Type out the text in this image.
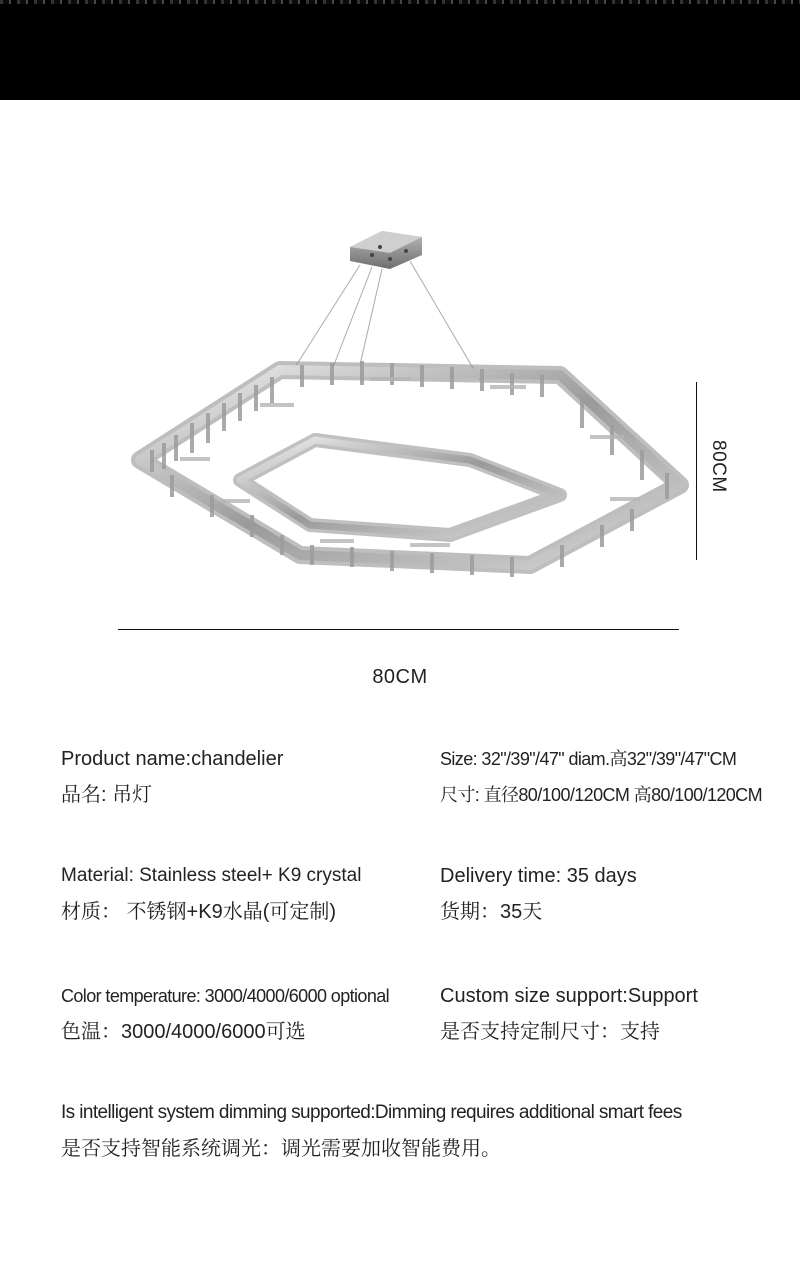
80CM
80CM
Product name:chandelier
品名: 吊灯
Size: 32"/39"/47" diam.高32"/39"/47"CM
尺寸: 直径80/100/120CM 高80/100/120CM
Material: Stainless steel+ K9 crystal
材质： 不锈钢+K9水晶(可定制)
Delivery time: 35 days
货期：35天
Color temperature: 3000/4000/6000 optional
色温：3000/4000/6000可选
Custom size support:Support
是否支持定制尺寸：支持
Is intelligent system dimming supported:Dimming requires additional smart fees
是否支持智能系统调光：调光需要加收智能费用。
